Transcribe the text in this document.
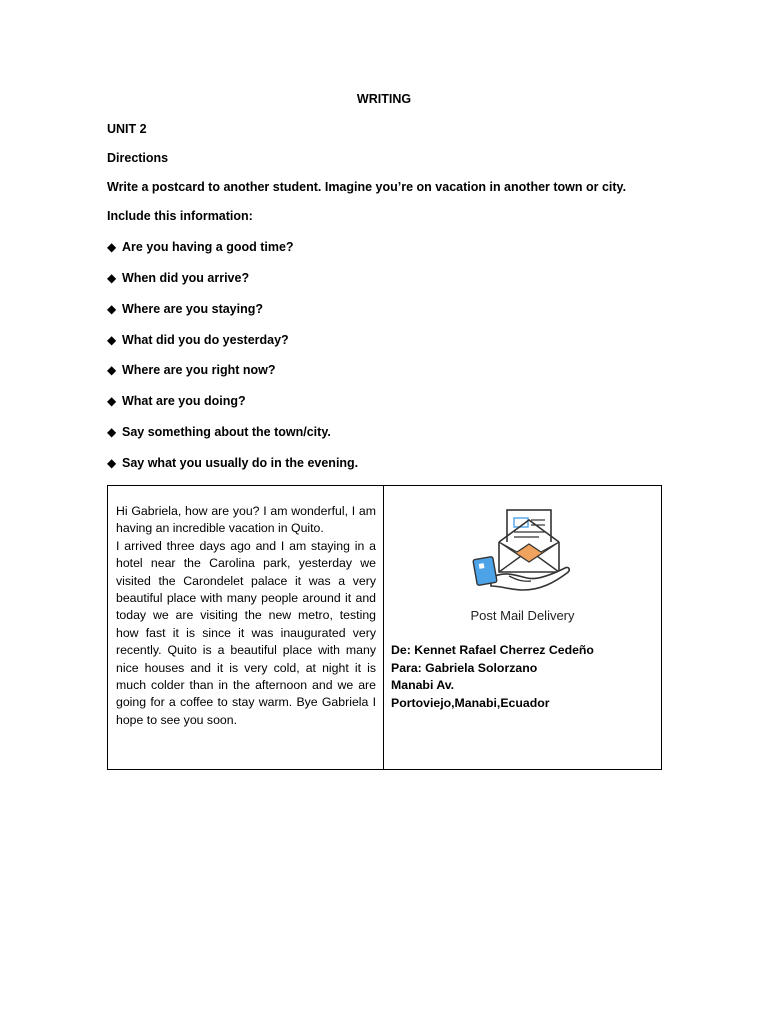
WRITING
UNIT 2
Directions
Write a postcard to another student. Imagine you’re on vacation in another town or city.
Include this information:
◆ Are you having a good time?
◆ When did you arrive?
◆ Where are you staying?
◆ What did you do yesterday?
◆ Where are you right now?
◆ What are you doing?
◆ Say something about the town/city.
◆ Say what you usually do in the evening.

Hi Gabriela, how are you? I am wonderful, I am having an incredible vacation in Quito.
I arrived three days ago and I am staying in a hotel near the Carolina park, yesterday we visited the Carondelet palace it was a very beautiful place with many people around it and today we are visiting the new metro, testing how fast it is since it was inaugurated very recently. Quito is a beautiful place with many nice houses and it is very cold, at night it is much colder than in the afternoon and we are going for a coffee to stay warm. Bye Gabriela I hope to see you soon.

Post Mail Delivery
De: Kennet Rafael Cherrez Cedeño
Para: Gabriela Solorzano
Manabi Av.
Portoviejo,Manabi,Ecuador
